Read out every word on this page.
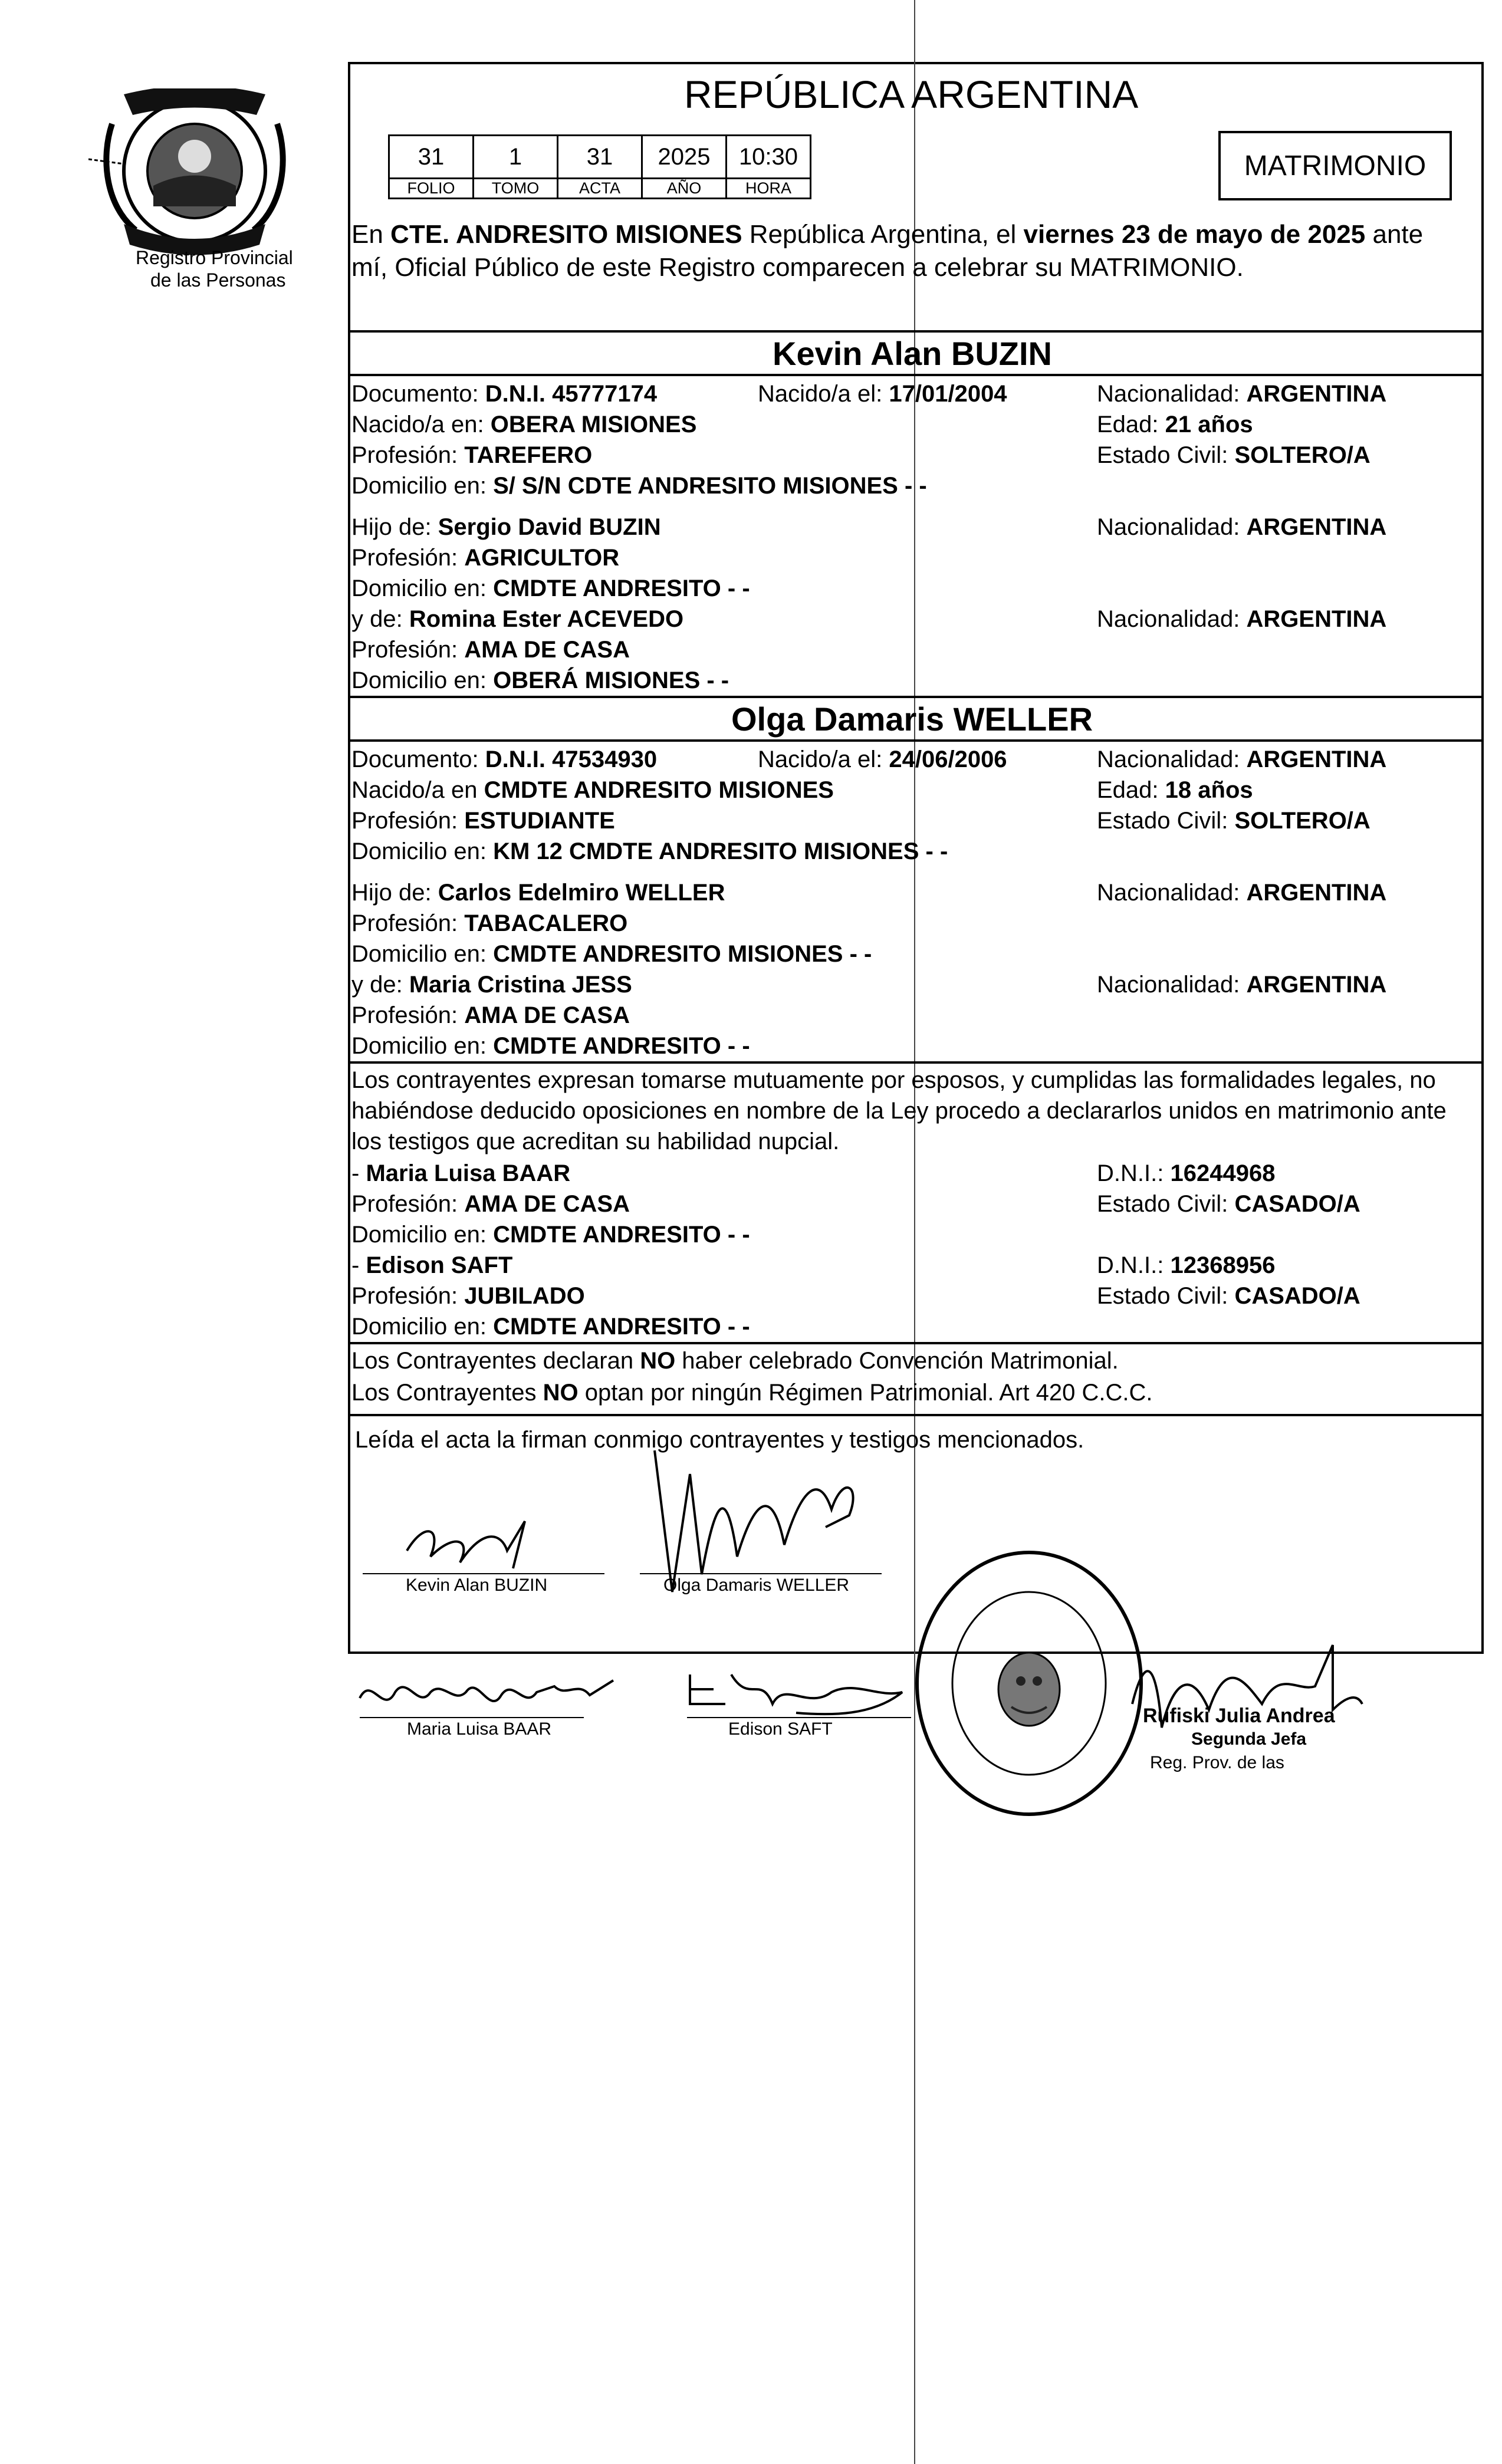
Registro Provincial
de las Personas
REPÚBLICA ARGENTINA
31	1	31	2025	10:30
FOLIO	TOMO	ACTA	AÑO	HORA
MATRIMONIO
En CTE. ANDRESITO MISIONES República Argentina, el viernes 23 de mayo de 2025 ante
mí, Oficial Público de este Registro comparecen a celebrar su MATRIMONIO.
Kevin Alan BUZIN
Documento: D.N.I. 45777174	Nacido/a el: 17/01/2004	Nacionalidad: ARGENTINA
Nacido/a en: OBERA MISIONES	Edad: 21 años
Profesión: TAREFERO	Estado Civil: SOLTERO/A
Domicilio en: S/ S/N CDTE ANDRESITO MISIONES - -
Hijo de: Sergio David BUZIN	Nacionalidad: ARGENTINA
Profesión: AGRICULTOR
Domicilio en: CMDTE ANDRESITO - -
y de: Romina Ester ACEVEDO	Nacionalidad: ARGENTINA
Profesión: AMA DE CASA
Domicilio en: OBERÁ MISIONES - -
Olga Damaris WELLER
Documento: D.N.I. 47534930	Nacido/a el: 24/06/2006	Nacionalidad: ARGENTINA
Nacido/a en CMDTE ANDRESITO MISIONES	Edad: 18 años
Profesión: ESTUDIANTE	Estado Civil: SOLTERO/A
Domicilio en: KM 12 CMDTE ANDRESITO MISIONES - -
Hijo de: Carlos Edelmiro WELLER	Nacionalidad: ARGENTINA
Profesión: TABACALERO
Domicilio en: CMDTE ANDRESITO MISIONES - -
y de: Maria Cristina JESS	Nacionalidad: ARGENTINA
Profesión: AMA DE CASA
Domicilio en: CMDTE ANDRESITO - -
Los contrayentes expresan tomarse mutuamente por esposos, y cumplidas las formalidades legales, no
habiéndose deducido oposiciones en nombre de la Ley procedo a declararlos unidos en matrimonio ante
los testigos que acreditan su habilidad nupcial.
- Maria Luisa BAAR	D.N.I.: 16244968
Profesión: AMA DE CASA	Estado Civil: CASADO/A
Domicilio en: CMDTE ANDRESITO - -
- Edison SAFT	D.N.I.: 12368956
Profesión: JUBILADO	Estado Civil: CASADO/A
Domicilio en: CMDTE ANDRESITO - -
Los Contrayentes declaran NO haber celebrado Convención Matrimonial.
Los Contrayentes NO optan por ningún Régimen Patrimonial. Art 420 C.C.C.
Leída el acta la firman conmigo contrayentes y testigos mencionados.
Kevin Alan BUZIN	Olga Damaris WELLER
Maria Luisa BAAR	Edison SAFT
Rufiski Julia Andrea
Segunda Jefa
Reg. Prov. de las
